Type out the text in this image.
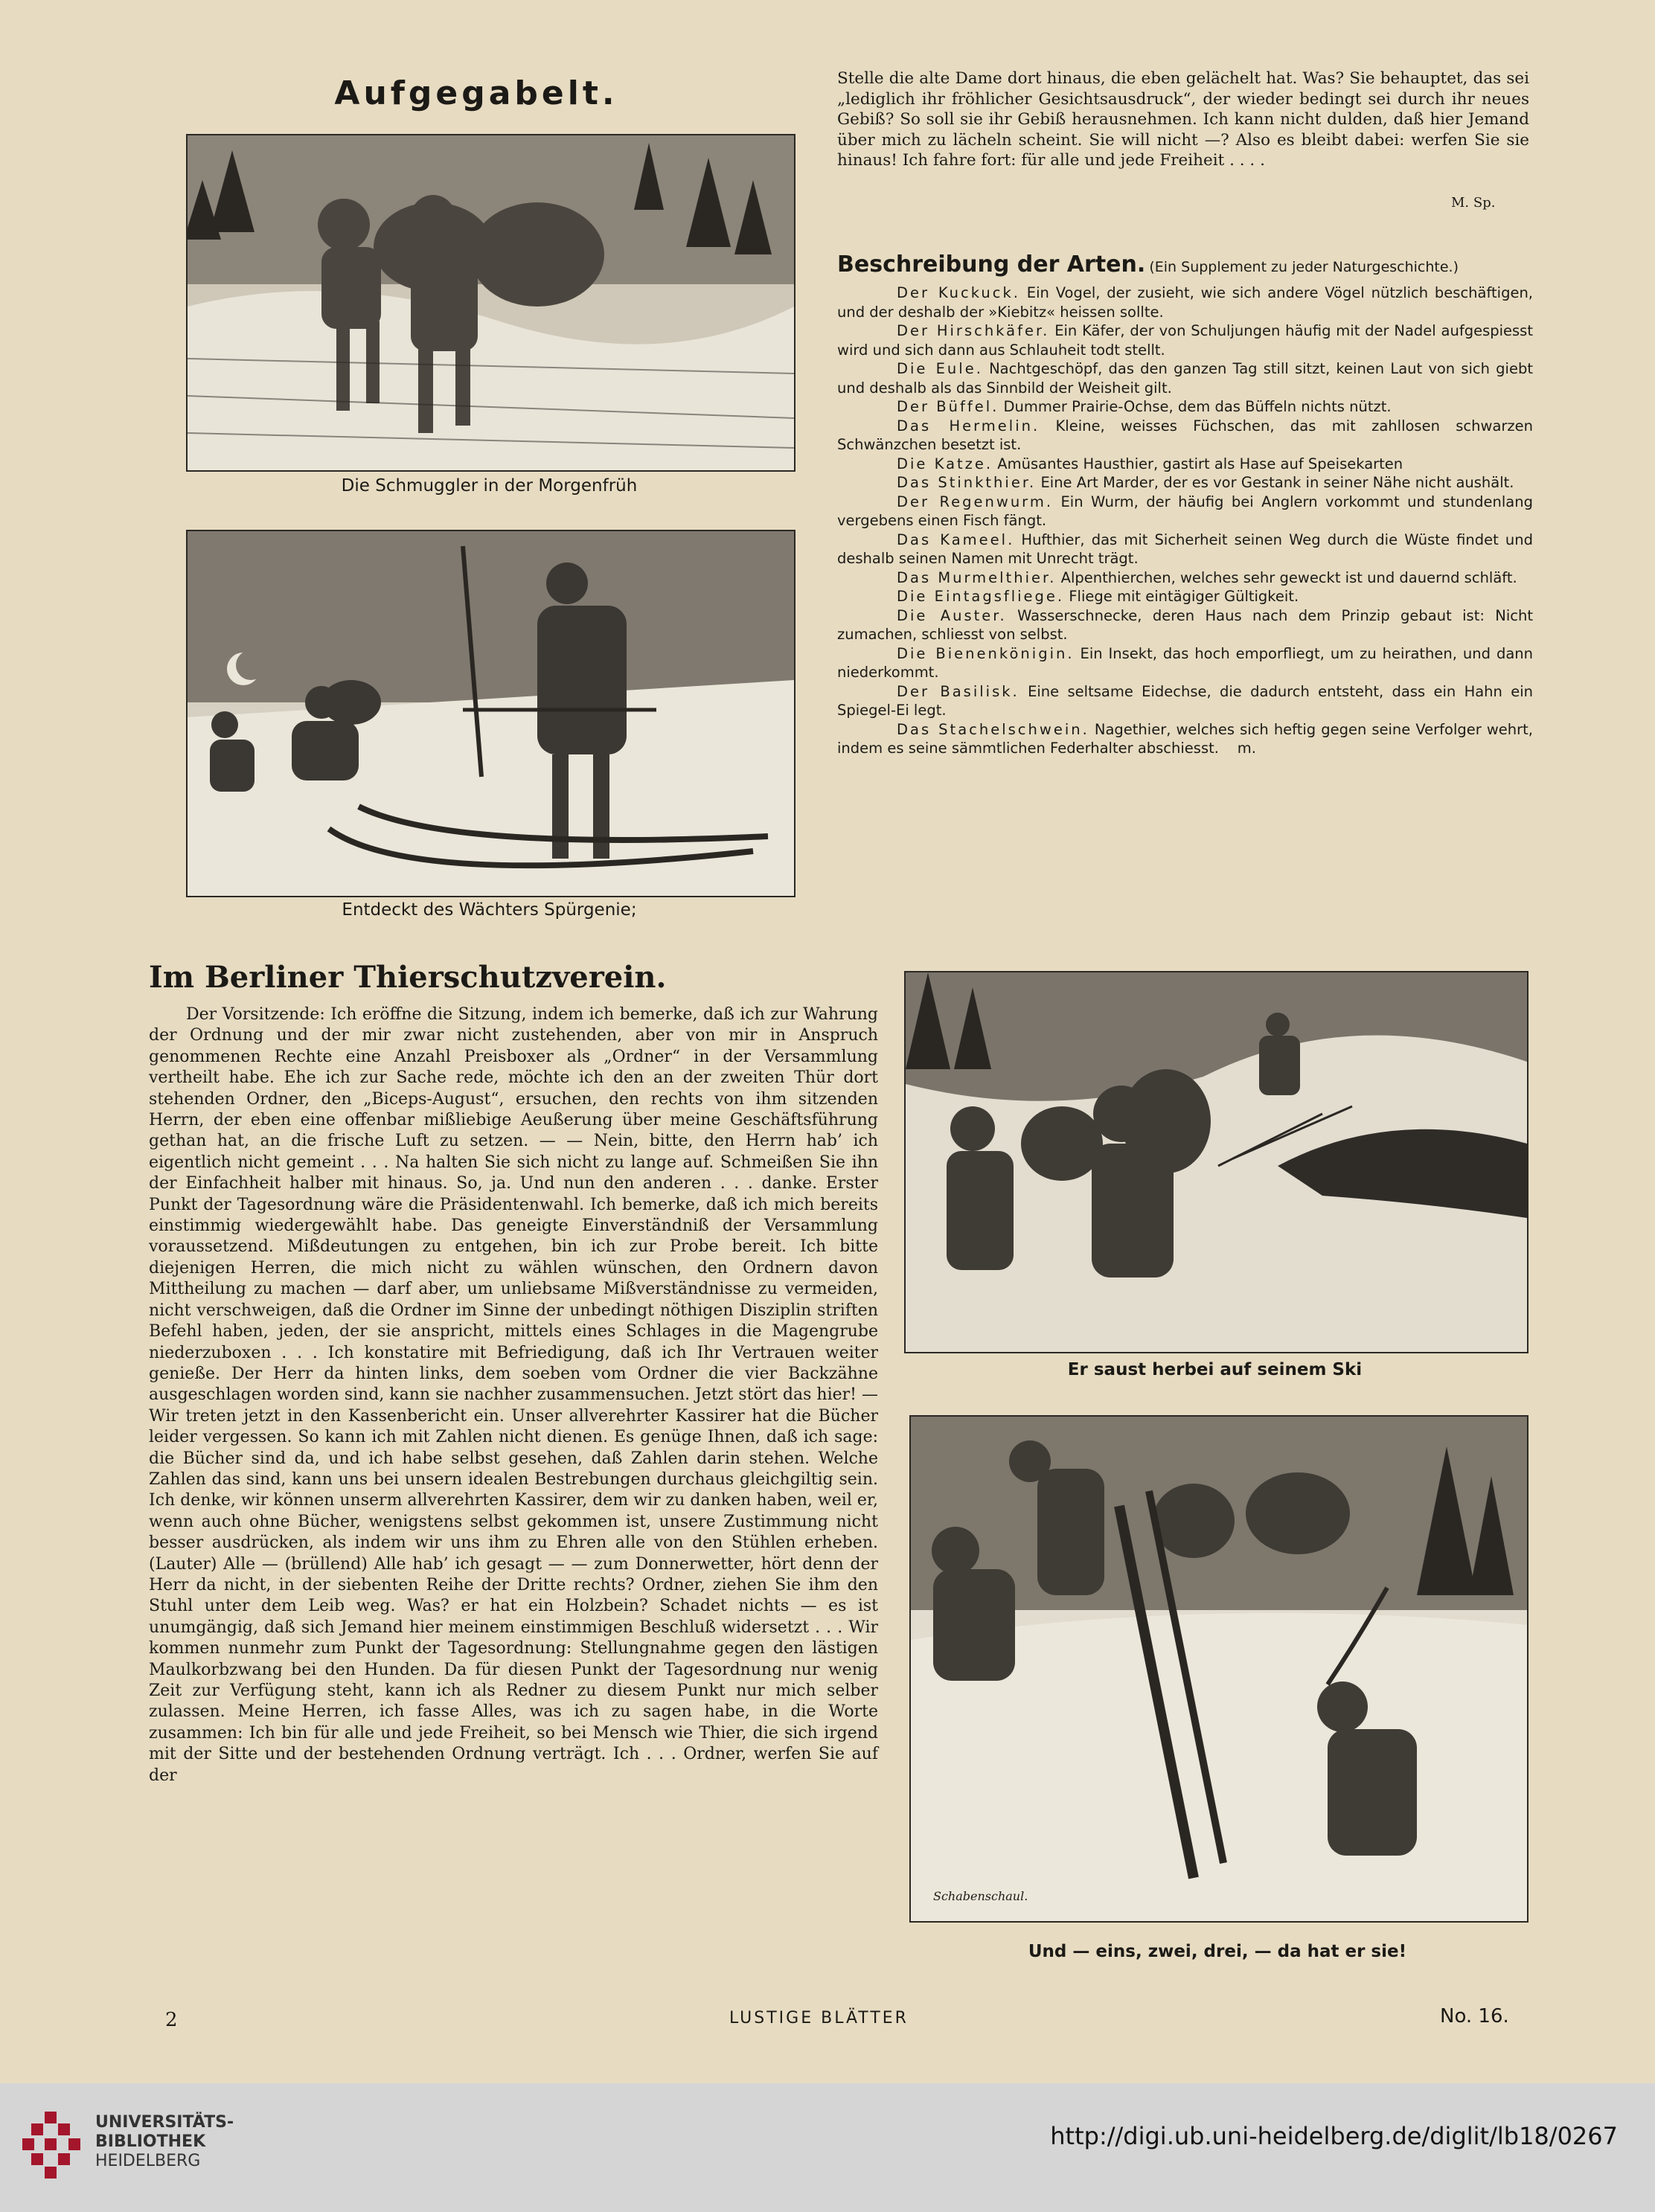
Aufgegabelt.
Die Schmuggler in der Morgenfrüh
Entdeckt des Wächters Spürgenie;
Stelle die alte Dame dort hinaus, die eben gelächelt hat. Was? Sie behauptet, das sei „lediglich ihr fröhlicher Gesichtsausdruck“, der wieder bedingt sei durch ihr neues Gebiß? So soll sie ihr Gebiß herausnehmen. Ich kann nicht dulden, daß hier Jemand über mich zu lächeln scheint. Sie will nicht —? Also es bleibt dabei: werfen Sie sie hinaus! Ich fahre fort: für alle und jede Freiheit . . . .
M. Sp.
Beschreibung der Arten. (Ein Supplement zu jeder Naturgeschichte.)

Der Kuckuck. Ein Vogel, der zusieht, wie sich andere Vögel nützlich beschäftigen, und der deshalb der »Kiebitz« heissen sollte.

Der Hirschkäfer. Ein Käfer, der von Schuljungen häufig mit der Nadel aufgespiesst wird und sich dann aus Schlauheit todt stellt.

Die Eule. Nachtgeschöpf, das den ganzen Tag still sitzt, keinen Laut von sich giebt und deshalb als das Sinnbild der Weisheit gilt.

Der Büffel. Dummer Prairie-Ochse, dem das Büffeln nichts nützt.

Das Hermelin. Kleine, weisses Füchschen, das mit zahllosen schwarzen Schwänzchen besetzt ist.

Die Katze. Amüsantes Hausthier, gastirt als Hase auf Speisekarten

Das Stinkthier. Eine Art Marder, der es vor Gestank in seiner Nähe nicht aushält.

Der Regenwurm. Ein Wurm, der häufig bei Anglern vorkommt und stundenlang vergebens einen Fisch fängt.

Das Kameel. Hufthier, das mit Sicherheit seinen Weg durch die Wüste findet und deshalb seinen Namen mit Unrecht trägt.

Das Murmelthier. Alpenthierchen, welches sehr geweckt ist und dauernd schläft.

Die Eintagsfliege. Fliege mit eintägiger Gültigkeit.

Die Auster. Wasserschnecke, deren Haus nach dem Prinzip gebaut ist: Nicht zumachen, schliesst von selbst.

Die Bienenkönigin. Ein Insekt, das hoch emporfliegt, um zu heirathen, und dann niederkommt.

Der Basilisk. Eine seltsame Eidechse, die dadurch entsteht, dass ein Hahn ein Spiegel-Ei legt.

Das Stachelschwein. Nagethier, welches sich heftig gegen seine Verfolger wehrt, indem es seine sämmtlichen Federhalter abschiesst. m.

Im Berliner Thierschutzverein.

Der Vorsitzende: Ich eröffne die Sitzung, indem ich bemerke, daß ich zur Wahrung der Ordnung und der mir zwar nicht zustehenden, aber von mir in Anspruch genommenen Rechte eine Anzahl Preisboxer als „Ordner“ in der Versammlung vertheilt habe. Ehe ich zur Sache rede, möchte ich den an der zweiten Thür dort stehenden Ordner, den „Biceps-August“, ersuchen, den rechts von ihm sitzenden Herrn, der eben eine offenbar mißliebige Aeußerung über meine Geschäftsführung gethan hat, an die frische Luft zu setzen. — — Nein, bitte, den Herrn hab’ ich eigentlich nicht gemeint . . . Na halten Sie sich nicht zu lange auf. Schmeißen Sie ihn der Einfachheit halber mit hinaus. So, ja. Und nun den anderen . . . danke. Erster Punkt der Tagesordnung wäre die Präsidentenwahl. Ich bemerke, daß ich mich bereits einstimmig wiedergewählt habe. Das geneigte Einverständniß der Versammlung voraussetzend. Mißdeutungen zu entgehen, bin ich zur Probe bereit. Ich bitte diejenigen Herren, die mich nicht zu wählen wünschen, den Ordnern davon Mittheilung zu machen — darf aber, um unliebsame Mißverständnisse zu vermeiden, nicht verschweigen, daß die Ordner im Sinne der unbedingt nöthigen Disziplin striften Befehl haben, jeden, der sie anspricht, mittels eines Schlages in die Magengrube niederzuboxen . . . Ich konstatire mit Befriedigung, daß ich Ihr Vertrauen weiter genieße. Der Herr da hinten links, dem soeben vom Ordner die vier Backzähne ausgeschlagen worden sind, kann sie nachher zusammensuchen. Jetzt stört das hier! — Wir treten jetzt in den Kassenbericht ein. Unser allverehrter Kassirer hat die Bücher leider vergessen. So kann ich mit Zahlen nicht dienen. Es genüge Ihnen, daß ich sage: die Bücher sind da, und ich habe selbst gesehen, daß Zahlen darin stehen. Welche Zahlen das sind, kann uns bei unsern idealen Bestrebungen durchaus gleichgiltig sein. Ich denke, wir können unserm allverehrten Kassirer, dem wir zu danken haben, weil er, wenn auch ohne Bücher, wenigstens selbst gekommen ist, unsere Zustimmung nicht besser ausdrücken, als indem wir uns ihm zu Ehren alle von den Stühlen erheben. (Lauter) Alle — (brüllend) Alle hab’ ich gesagt — — zum Donnerwetter, hört denn der Herr da nicht, in der siebenten Reihe der Dritte rechts? Ordner, ziehen Sie ihm den Stuhl unter dem Leib weg. Was? er hat ein Holzbein? Schadet nichts — es ist unumgängig, daß sich Jemand hier meinem einstimmigen Beschluß widersetzt . . . Wir kommen nunmehr zum Punkt der Tagesordnung: Stellungnahme gegen den lästigen Maulkorbzwang bei den Hunden. Da für diesen Punkt der Tagesordnung nur wenig Zeit zur Verfügung steht, kann ich als Redner zu diesem Punkt nur mich selber zulassen. Meine Herren, ich fasse Alles, was ich zu sagen habe, in die Worte zusammen: Ich bin für alle und jede Freiheit, so bei Mensch wie Thier, die sich irgend mit der Sitte und der bestehenden Ordnung verträgt. Ich . . . Ordner, werfen Sie auf der

Er saust herbei auf seinem Ski
Schabenschaul.
Und — eins, zwei, drei, — da hat er sie!
2	LUSTIGE BLÄTTER	No. 16.
UNIVERSITÄTS-
BIBLIOTHEK
HEIDELBERG
http://digi.ub.uni-heidelberg.de/diglit/lb18/0267
